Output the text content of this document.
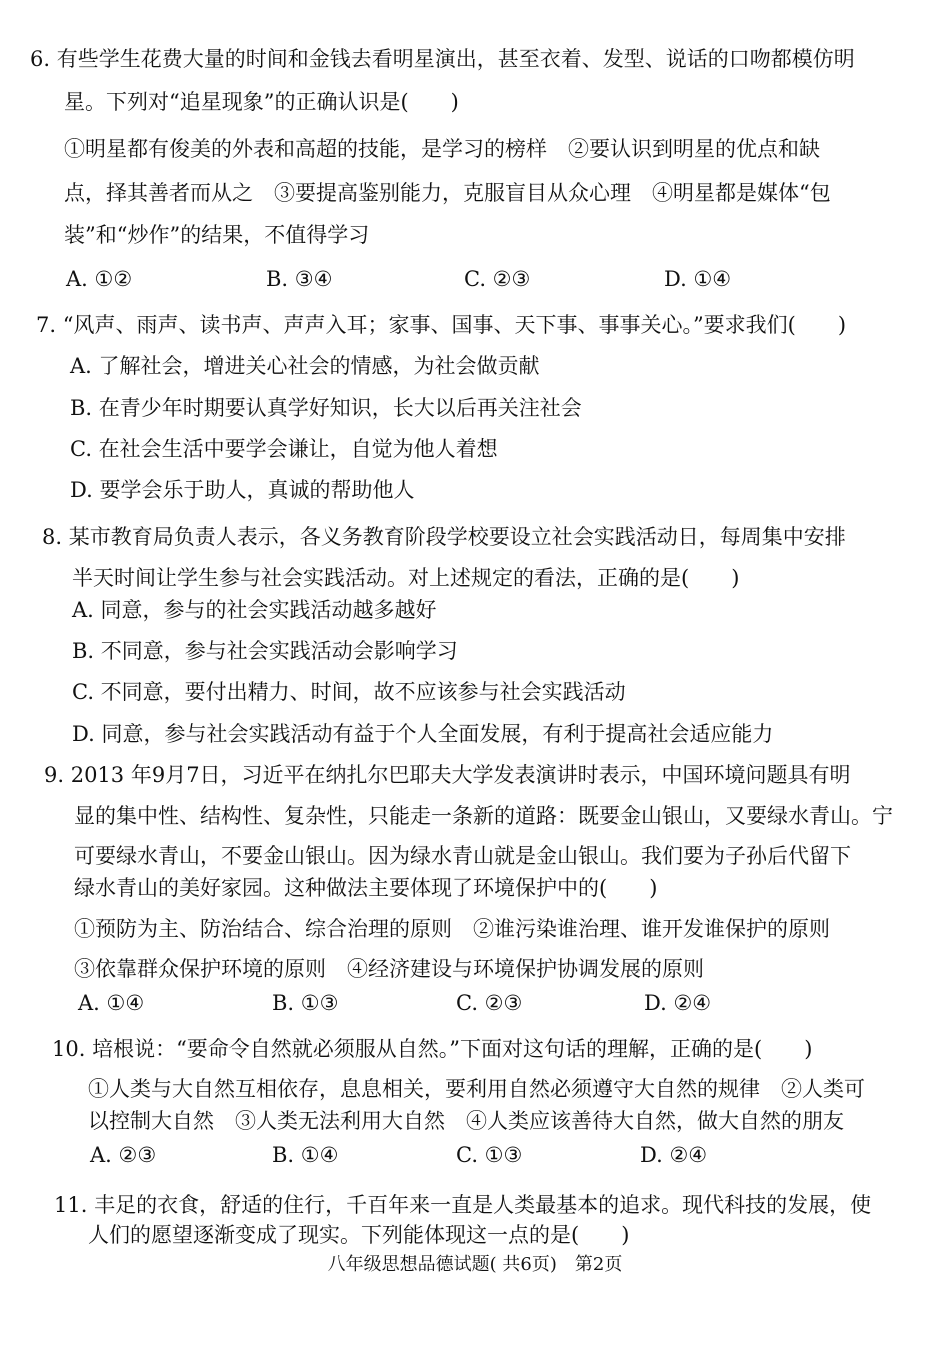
6. 有些学生花费大量的时间和金钱去看明星演出，甚至衣着、发型、说话的口吻都模仿明
星。下列对“追星现象”的正确认识是(　　)
①明星都有俊美的外表和高超的技能，是学习的榜样　②要认识到明星的优点和缺
点，择其善者而从之　③要提高鉴别能力，克服盲目从众心理　④明星都是媒体“包
装”和“炒作”的结果，不值得学习
A. ①②	B. ③④	C. ②③	D. ①④
7. “风声、雨声、读书声、声声入耳；家事、国事、天下事、事事关心。”要求我们(　　)
A. 了解社会，增进关心社会的情感，为社会做贡献
B. 在青少年时期要认真学好知识，长大以后再关注社会
C. 在社会生活中要学会谦让，自觉为他人着想
D. 要学会乐于助人，真诚的帮助他人
8. 某市教育局负责人表示，各义务教育阶段学校要设立社会实践活动日，每周集中安排
半天时间让学生参与社会实践活动。对上述规定的看法，正确的是(　　)
A. 同意，参与的社会实践活动越多越好
B. 不同意，参与社会实践活动会影响学习
C. 不同意，要付出精力、时间，故不应该参与社会实践活动
D. 同意，参与社会实践活动有益于个人全面发展，有利于提高社会适应能力
9. 2013 年9月7日，习近平在纳扎尔巴耶夫大学发表演讲时表示，中国环境问题具有明
显的集中性、结构性、复杂性，只能走一条新的道路：既要金山银山，又要绿水青山。宁
可要绿水青山，不要金山银山。因为绿水青山就是金山银山。我们要为子孙后代留下
绿水青山的美好家园。这种做法主要体现了环境保护中的(　　)
①预防为主、防治结合、综合治理的原则　②谁污染谁治理、谁开发谁保护的原则
③依靠群众保护环境的原则　④经济建设与环境保护协调发展的原则
A. ①④	B. ①③	C. ②③	D. ②④
10. 培根说：“要命令自然就必须服从自然。”下面对这句话的理解，正确的是(　　)
①人类与大自然互相依存，息息相关，要利用自然必须遵守大自然的规律　②人类可
以控制大自然　③人类无法利用大自然　④人类应该善待大自然，做大自然的朋友
A. ②③	B. ①④	C. ①③	D. ②④
11. 丰足的衣食，舒适的住行，千百年来一直是人类最基本的追求。现代科技的发展，使
人们的愿望逐渐变成了现实。下列能体现这一点的是(　　)
八年级思想品德试题( 共6页)　第2页
